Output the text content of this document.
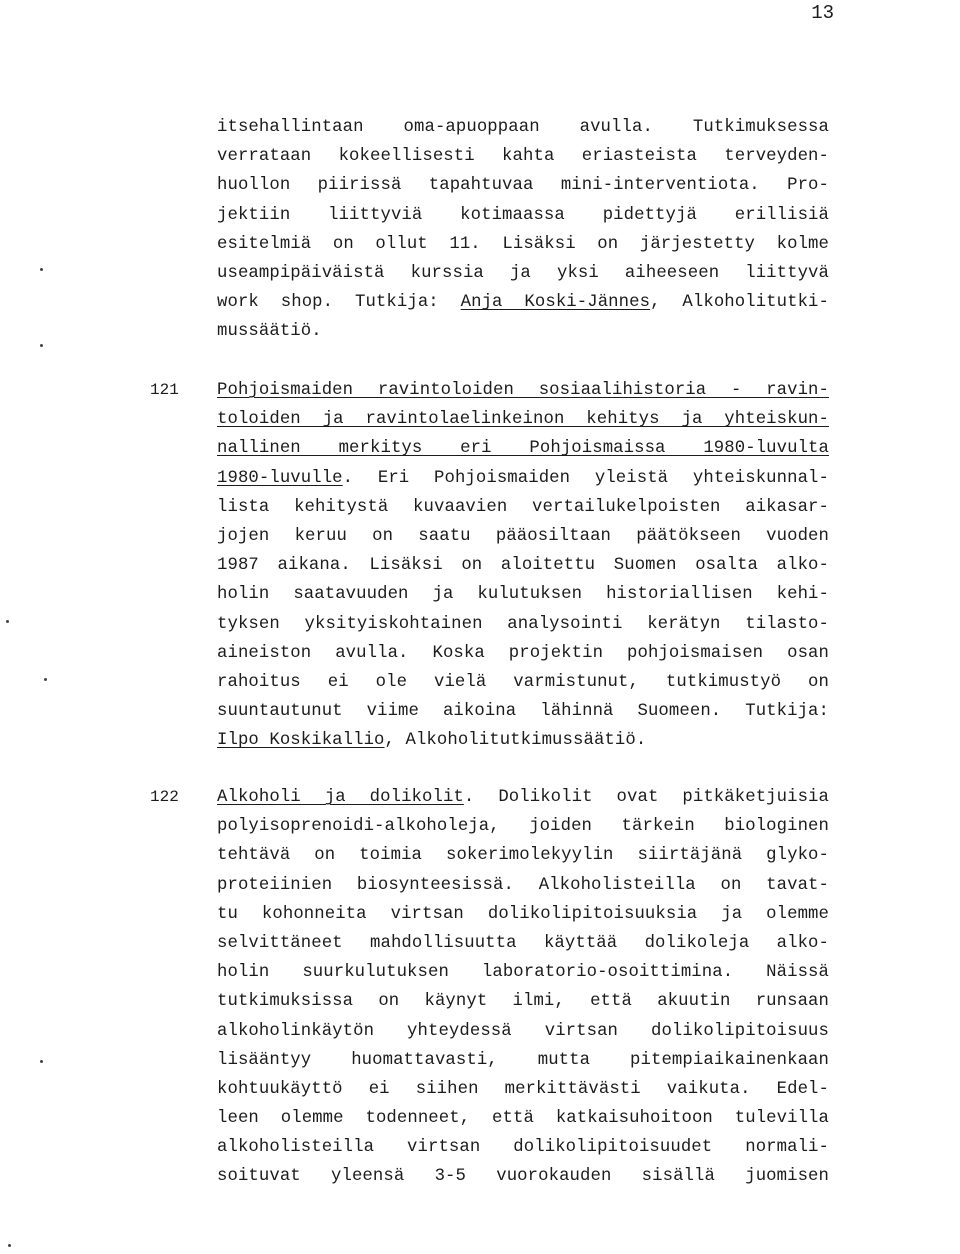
13
itsehallintaan oma-apuoppaan avulla. Tutkimuksessa
verrataan kokeellisesti kahta eriasteista terveyden-
huollon piirissä tapahtuvaa mini-interventiota. Pro-
jektiin liittyviä kotimaassa pidettyjä erillisiä
esitelmiä on ollut 11. Lisäksi on järjestetty kolme
useampipäiväistä kurssia ja yksi aiheeseen liittyvä
work shop. Tutkija: Anja Koski-Jännes, Alkoholitutki-
mussäätiö.
121 Pohjoismaiden ravintoloiden sosiaalihistoria - ravin-
toloiden ja ravintolaelinkeinon kehitys ja yhteiskun-
nallinen merkitys eri Pohjoismaissa 1980-luvulta
1980-luvulle. Eri Pohjoismaiden yleistä yhteiskunnal-
lista kehitystä kuvaavien vertailukelpoisten aikasar-
jojen keruu on saatu pääosiltaan päätökseen vuoden
1987 aikana. Lisäksi on aloitettu Suomen osalta alko-
holin saatavuuden ja kulutuksen historiallisen kehi-
tyksen yksityiskohtainen analysointi kerätyn tilasto-
aineiston avulla. Koska projektin pohjoismaisen osan
rahoitus ei ole vielä varmistunut, tutkimustyö on
suuntautunut viime aikoina lähinnä Suomeen. Tutkija:
Ilpo Koskikallio, Alkoholitutkimussäätiö.
122 Alkoholi ja dolikolit. Dolikolit ovat pitkäketjuisia
polyisoprenoidi-alkoholeja, joiden tärkein biologinen
tehtävä on toimia sokerimolekyylin siirtäjänä glyko-
proteiinien biosynteesissä. Alkoholisteilla on tavat-
tu kohonneita virtsan dolikolipitoisuuksia ja olemme
selvittäneet mahdollisuutta käyttää dolikoleja alko-
holin suurkulutuksen laboratorio-osoittimina. Näissä
tutkimuksissa on käynyt ilmi, että akuutin runsaan
alkoholinkäytön yhteydessä virtsan dolikolipitoisuus
lisääntyy huomattavasti, mutta pitempiaikainenkaan
kohtuukäyttö ei siihen merkittävästi vaikuta. Edel-
leen olemme todenneet, että katkaisuhoitoon tulevilla
alkoholisteilla virtsan dolikolipitoisuudet normali-
soituvat yleensä 3-5 vuorokauden sisällä juomisen
